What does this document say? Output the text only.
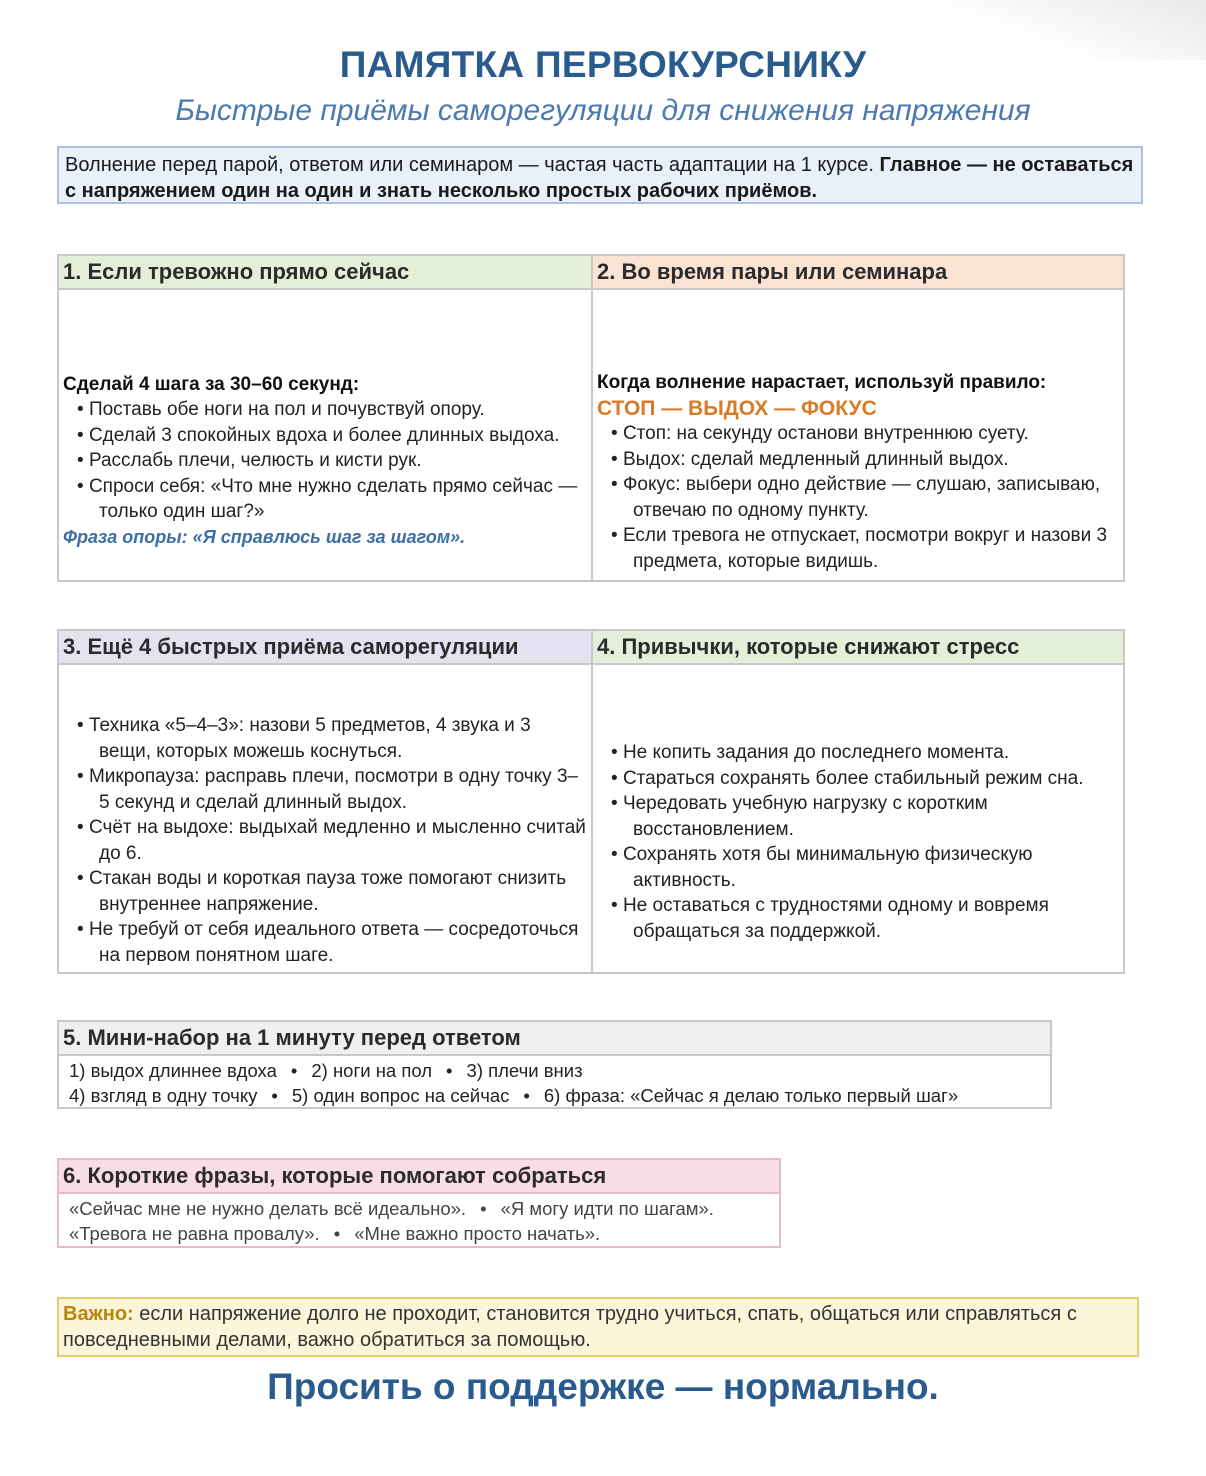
ПАМЯТКА ПЕРВОКУРСНИКУ
Быстрые приёмы саморегуляции для снижения напряжения
Волнение перед парой, ответом или семинаром — частая часть адаптации на 1 курсе. Главное — не оставаться с напряжением один на один и знать несколько простых рабочих приёмов.
1. Если тревожно прямо сейчас
Сделай 4 шага за 30–60 секунд:
• Поставь обе ноги на пол и почувствуй опору.
• Сделай 3 спокойных вдоха и более длинных выдоха.
• Расслабь плечи, челюсть и кисти рук.
• Спроси себя: «Что мне нужно сделать прямо сейчас — только один шаг?»
Фраза опоры: «Я справлюсь шаг за шагом».
2. Во время пары или семинара
Когда волнение нарастает, используй правило:
СТОП — ВЫДОХ — ФОКУС
• Стоп: на секунду останови внутреннюю суету.
• Выдох: сделай медленный длинный выдох.
• Фокус: выбери одно действие — слушаю, записываю, отвечаю по одному пункту.
• Если тревога не отпускает, посмотри вокруг и назови 3 предмета, которые видишь.
3. Ещё 4 быстрых приёма саморегуляции
• Техника «5–4–3»: назови 5 предметов, 4 звука и 3 вещи, которых можешь коснуться.
• Микропауза: расправь плечи, посмотри в одну точку 3–5 секунд и сделай длинный выдох.
• Счёт на выдохе: выдыхай медленно и мысленно считай до 6.
• Стакан воды и короткая пауза тоже помогают снизить внутреннее напряжение.
• Не требуй от себя идеального ответа — сосредоточься на первом понятном шаге.
4. Привычки, которые снижают стресс
• Не копить задания до последнего момента.
• Стараться сохранять более стабильный режим сна.
• Чередовать учебную нагрузку с коротким восстановлением.
• Сохранять хотя бы минимальную физическую активность.
• Не оставаться с трудностями одному и вовремя обращаться за поддержкой.
5. Мини-набор на 1 минуту перед ответом
1) выдох длиннее вдоха • 2) ноги на пол • 3) плечи вниз
4) взгляд в одну точку • 5) один вопрос на сейчас • 6) фраза: «Сейчас я делаю только первый шаг»
6. Короткие фразы, которые помогают собраться
«Сейчас мне не нужно делать всё идеально». • «Я могу идти по шагам».
«Тревога не равна провалу». • «Мне важно просто начать».
Важно: если напряжение долго не проходит, становится трудно учиться, спать, общаться или справляться с повседневными делами, важно обратиться за помощью.
Просить о поддержке — нормально.
